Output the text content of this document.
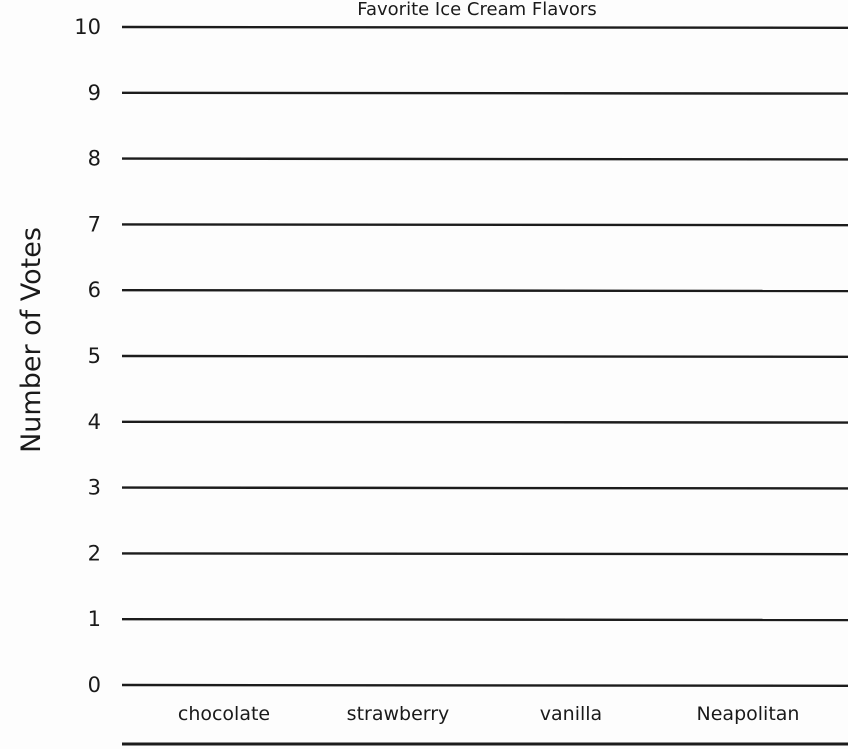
0
1
2
3
4
5
6
7
8
9
10
chocolate	strawberry	vanilla	Neapolitan
Favorite Ice Cream Flavors
Number of Votes
